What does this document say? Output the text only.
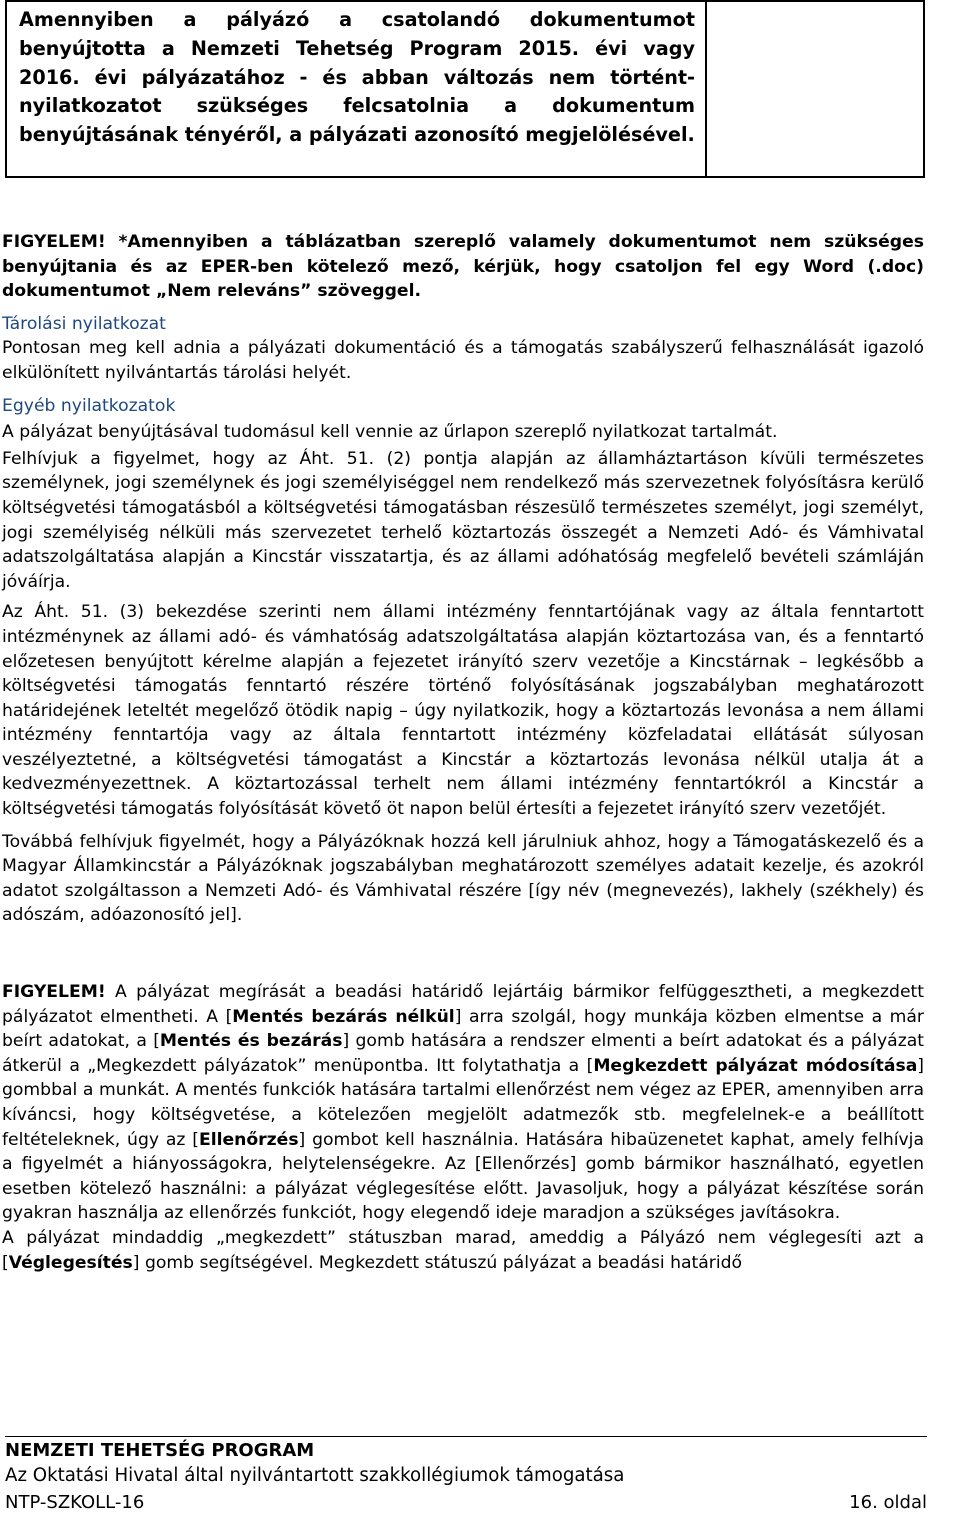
Amennyiben a pályázó a csatolandó dokumentumot benyújtotta a Nemzeti Tehetség Program 2015. évi vagy 2016. évi pályázatához - és abban változás nem történt-nyilatkozatot szükséges felcsatolnia a dokumentum benyújtásának tényéről, a pályázati azonosító megjelölésével.

FIGYELEM! *Amennyiben a táblázatban szereplő valamely dokumentumot nem szükséges benyújtania és az EPER-ben kötelező mező, kérjük, hogy csatoljon fel egy Word (.doc) dokumentumot „Nem releváns” szöveggel.

Tárolási nyilatkozat

Pontosan meg kell adnia a pályázati dokumentáció és a támogatás szabályszerű felhasználását igazoló elkülönített nyilvántartás tárolási helyét.

Egyéb nyilatkozatok

A pályázat benyújtásával tudomásul kell vennie az űrlapon szereplő nyilatkozat tartalmát.

Felhívjuk a figyelmet, hogy az Áht. 51. (2) pontja alapján az államháztartáson kívüli természetes személynek, jogi személynek és jogi személyiséggel nem rendelkező más szervezetnek folyósításra kerülő költségvetési támogatásból a költségvetési támogatásban részesülő természetes személyt, jogi személyt, jogi személyiség nélküli más szervezetet terhelő köztartozás összegét a Nemzeti Adó- és Vámhivatal adatszolgáltatása alapján a Kincstár visszatartja, és az állami adóhatóság megfelelő bevételi számláján jóváírja.

Az Áht. 51. (3) bekezdése szerinti nem állami intézmény fenntartójának vagy az általa fenntartott intézménynek az állami adó- és vámhatóság adatszolgáltatása alapján köztartozása van, és a fenntartó előzetesen benyújtott kérelme alapján a fejezetet irányító szerv vezetője a Kincstárnak – legkésőbb a költségvetési támogatás fenntartó részére történő folyósításának jogszabályban meghatározott határidejének leteltét megelőző ötödik napig – úgy nyilatkozik, hogy a köztartozás levonása a nem állami intézmény fenntartója vagy az általa fenntartott intézmény közfeladatai ellátását súlyosan veszélyeztetné, a költségvetési támogatást a Kincstár a köztartozás levonása nélkül utalja át a kedvezményezettnek. A köztartozással terhelt nem állami intézmény fenntartókról a Kincstár a költségvetési támogatás folyósítását követő öt napon belül értesíti a fejezetet irányító szerv vezetőjét.

Továbbá felhívjuk figyelmét, hogy a Pályázóknak hozzá kell járulniuk ahhoz, hogy a Támogatáskezelő és a Magyar Államkincstár a Pályázóknak jogszabályban meghatározott személyes adatait kezelje, és azokról adatot szolgáltasson a Nemzeti Adó- és Vámhivatal részére [így név (megnevezés), lakhely (székhely) és adószám, adóazonosító jel].

FIGYELEM! A pályázat megírását a beadási határidő lejártáig bármikor felfüggesztheti, a megkezdett pályázatot elmentheti. A [Mentés bezárás nélkül] arra szolgál, hogy munkája közben elmentse a már beírt adatokat, a [Mentés és bezárás] gomb hatására a rendszer elmenti a beírt adatokat és a pályázat átkerül a „Megkezdett pályázatok” menüpontba. Itt folytathatja a [Megkezdett pályázat módosítása] gombbal a munkát. A mentés funkciók hatására tartalmi ellenőrzést nem végez az EPER, amennyiben arra kíváncsi, hogy költségvetése, a kötelezően megjelölt adatmezők stb. megfelelnek-e a beállított feltételeknek, úgy az [Ellenőrzés] gombot kell használnia. Hatására hibaüzenetet kaphat, amely felhívja a figyelmét a hiányosságokra, helytelenségekre. Az [Ellenőrzés] gomb bármikor használható, egyetlen esetben kötelező használni: a pályázat véglegesítése előtt. Javasoljuk, hogy a pályázat készítése során gyakran használja az ellenőrzés funkciót, hogy elegendő ideje maradjon a szükséges javításokra.

A pályázat mindaddig „megkezdett” státuszban marad, ameddig a Pályázó nem véglegesíti azt a [Véglegesítés] gomb segítségével. Megkezdett státuszú pályázat a beadási határidő

NEMZETI TEHETSÉG PROGRAM
Az Oktatási Hivatal által nyilvántartott szakkollégiumok támogatása
NTP-SZKOLL-16	16. oldal
